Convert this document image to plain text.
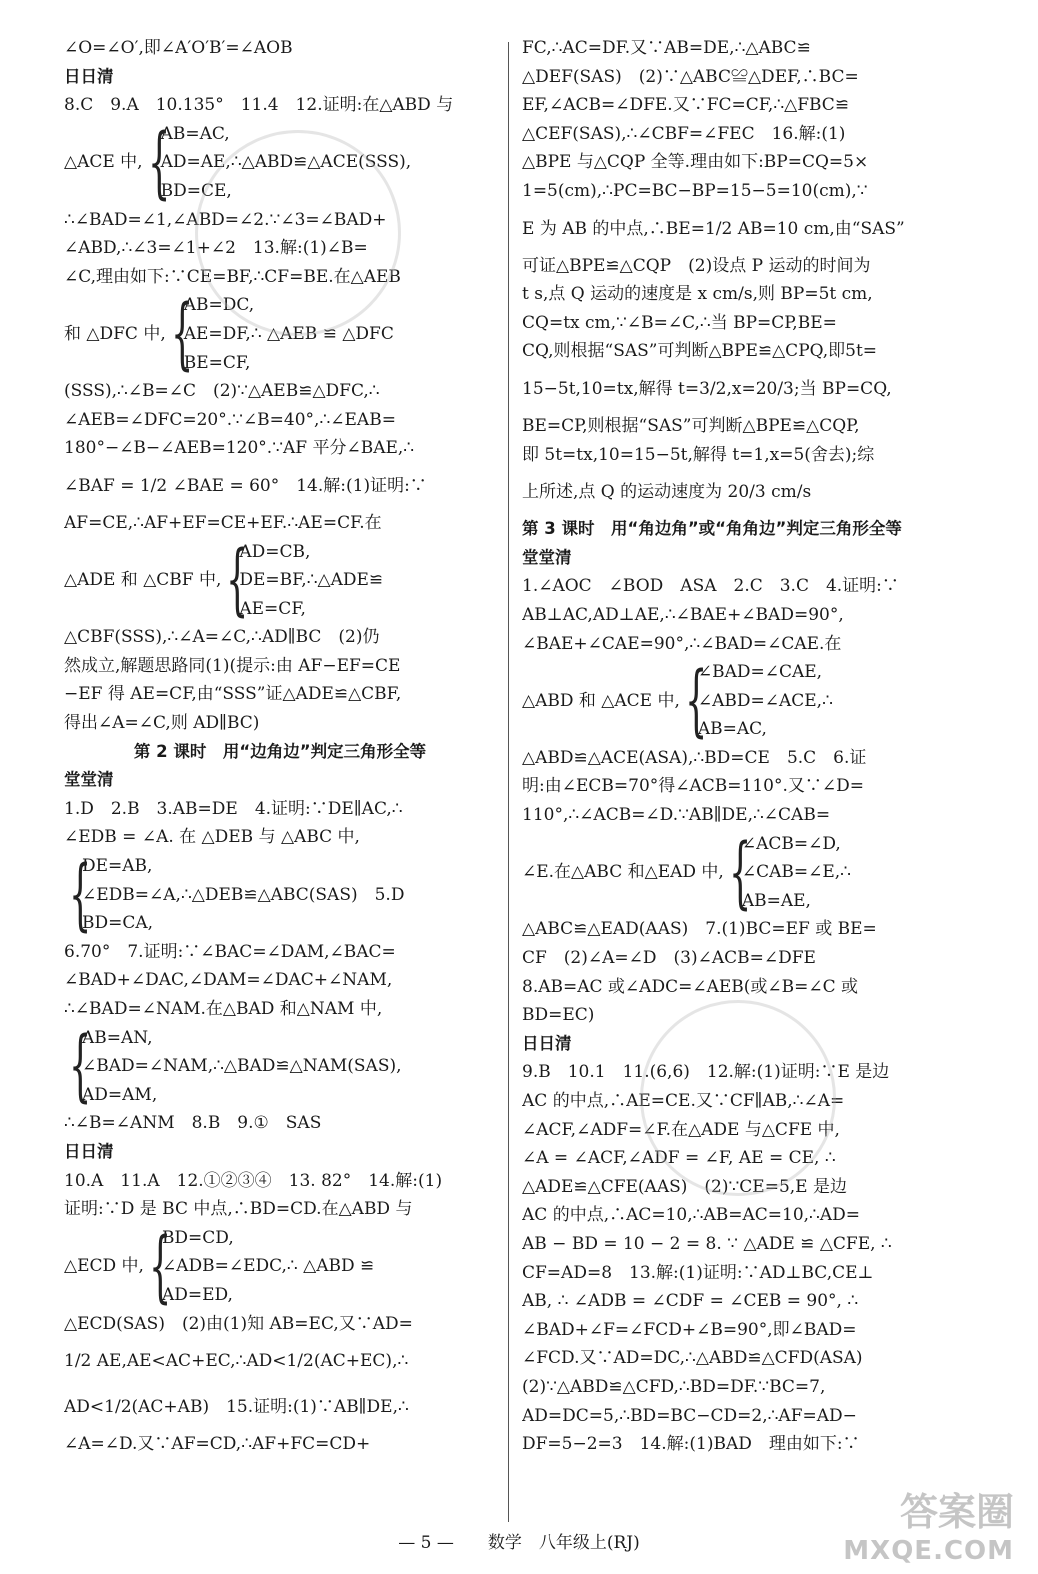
∠O=∠O′,即∠A′O′B′=∠AOB

日日清

8.C　9.A　10.135°　11.4　12.证明:在△ABD 与

△ACE 中, {
AB=AC,
AD=AE,∴△ABD≌△ACE(SSS),
BD=CE,

∴∠BAD=∠1,∠ABD=∠2.∵∠3=∠BAD+

∠ABD,∴∠3=∠1+∠2　13.解:(1)∠B=

∠C,理由如下:∵CE=BF,∴CF=BE.在△AEB

和 △DFC 中, {
AB=DC,
AE=DF,∴ △AEB ≌ △DFC
BE=CF,

(SSS),∴∠B=∠C　(2)∵△AEB≌△DFC,∴

∠AEB=∠DFC=20°.∵∠B=40°,∴∠EAB=

180°−∠B−∠AEB=120°.∵AF 平分∠BAE,∴

∠BAF = 1/2 ∠BAE = 60°　14.解:(1)证明:∵

AF=CE,∴AF+EF=CE+EF.∴AE=CF.在

△ADE 和 △CBF 中, {
AD=CB,
DE=BF,∴△ADE≌
AE=CF,

△CBF(SSS),∴∠A=∠C,∴AD∥BC　(2)仍

然成立,解题思路同(1)(提示:由 AF−EF=CE

−EF 得 AE=CF,由“SSS”证△ADE≌△CBF,

得出∠A=∠C,则 AD∥BC)

第 2 课时　用“边角边”判定三角形全等

堂堂清

1.D　2.B　3.AB=DE　4.证明:∵DE∥AC,∴

∠EDB = ∠A. 在 △DEB 与 △ABC 中,

{
DE=AB,
∠EDB=∠A,∴△DEB≌△ABC(SAS)　5.D
BD=CA,

6.70°　7.证明:∵∠BAC=∠DAM,∠BAC=

∠BAD+∠DAC,∠DAM=∠DAC+∠NAM,

∴∠BAD=∠NAM.在△BAD 和△NAM 中,

{
AB=AN,
∠BAD=∠NAM,∴△BAD≌△NAM(SAS),
AD=AM,

∴∠B=∠ANM　8.B　9.①　SAS

日日清

10.A　11.A　12.①②③④　13. 82°　14.解:(1)

证明:∵D 是 BC 中点,∴BD=CD.在△ABD 与

△ECD 中, {
BD=CD,
∠ADB=∠EDC,∴ △ABD ≌
AD=ED,

△ECD(SAS)　(2)由(1)知 AB=EC,又∵AD=

1/2 AE,AE<AC+EC,∴AD<1/2(AC+EC),∴

AD<1/2(AC+AB)　15.证明:(1)∵AB∥DE,∴

∠A=∠D.又∵AF=CD,∴AF+FC=CD+

FC,∴AC=DF.又∵AB=DE,∴△ABC≌

△DEF(SAS)　(2)∵△ABC≌△DEF,∴BC=

EF,∠ACB=∠DFE.又∵FC=CF,∴△FBC≌

△CEF(SAS),∴∠CBF=∠FEC　16.解:(1)

△BPE 与△CQP 全等.理由如下:BP=CQ=5×

1=5(cm),∴PC=BC−BP=15−5=10(cm),∵

E 为 AB 的中点,∴BE=1/2 AB=10 cm,由“SAS”

可证△BPE≌△CQP　(2)设点 P 运动的时间为

t s,点 Q 运动的速度是 x cm/s,则 BP=5t cm,

CQ=tx cm,∵∠B=∠C,∴当 BP=CP,BE=

CQ,则根据“SAS”可判断△BPE≌△CPQ,即5t=

15−5t,10=tx,解得 t=3/2,x=20/3;当 BP=CQ,

BE=CP,则根据“SAS”可判断△BPE≌△CQP,

即 5t=tx,10=15−5t,解得 t=1,x=5(舍去);综

上所述,点 Q 的运动速度为 20/3 cm/s

第 3 课时　用“角边角”或“角角边”判定三角形全等

堂堂清

1.∠AOC　∠BOD　ASA　2.C　3.C　4.证明:∵

AB⊥AC,AD⊥AE,∴∠BAE+∠BAD=90°,

∠BAE+∠CAE=90°,∴∠BAD=∠CAE.在

△ABD 和 △ACE 中, {
∠BAD=∠CAE,
∠ABD=∠ACE,∴
AB=AC,

△ABD≌△ACE(ASA),∴BD=CE　5.C　6.证

明:由∠ECB=70°得∠ACB=110°.又∵∠D=

110°,∴∠ACB=∠D.∵AB∥DE,∴∠CAB=

∠E.在△ABC 和△EAD 中, {
∠ACB=∠D,
∠CAB=∠E,∴
AB=AE,

△ABC≌△EAD(AAS)　7.(1)BC=EF 或 BE=

CF　(2)∠A=∠D　(3)∠ACB=∠DFE

8.AB=AC 或∠ADC=∠AEB(或∠B=∠C 或

BD=EC)

日日清

9.B　10.1　11.(6,6)　12.解:(1)证明:∵E 是边

AC 的中点,∴AE=CE.又∵CF∥AB,∴∠A=

∠ACF,∠ADF=∠F.在△ADE 与△CFE 中,

∠A = ∠ACF,∠ADF = ∠F, AE = CE, ∴

△ADE≌△CFE(AAS)　(2)∵CE=5,E 是边

AC 的中点,∴AC=10,∴AB=AC=10,∴AD=

AB − BD = 10 − 2 = 8. ∵ △ADE ≌ △CFE, ∴

CF=AD=8　13.解:(1)证明:∵AD⊥BC,CE⊥

AB, ∴ ∠ADB = ∠CDF = ∠CEB = 90°, ∴

∠BAD+∠F=∠FCD+∠B=90°,即∠BAD=

∠FCD.又∵AD=DC,∴△ABD≌△CFD(ASA)

(2)∵△ABD≌△CFD,∴BD=DF.∵BC=7,

AD=DC=5,∴BD=BC−CD=2,∴AF=AD−

DF=5−2=3　14.解:(1)BAD　理由如下:∵

— 5 —　　数学　八年级上(RJ)
答案圈
MXQE.COM
